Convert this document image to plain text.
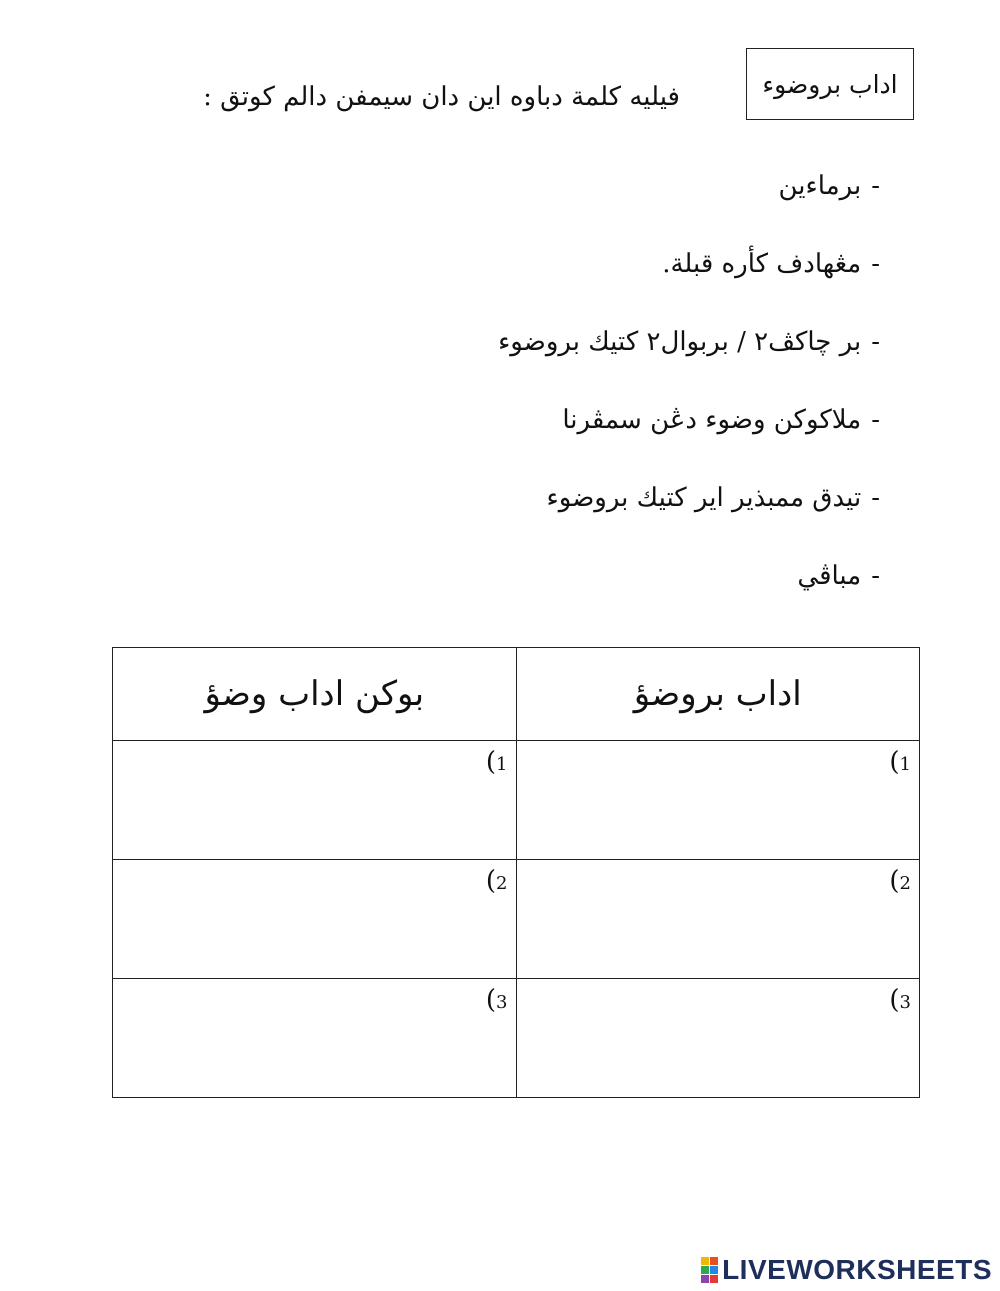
اداب بروضوء
فيليه كلمة دباوه اين دان سيمفن دالم كوتق :
-برماءين
-مڠهادف كأره قبلة.
-بر چاكڤ٢ / بربوال٢ كتيك بروضوء
-ملاكوكن وضوء دڠن سمڤرنا
-تيدق ممبذير اير كتيك بروضوء
-مباڤي
اداب بروضؤ	بوكن اداب وضؤ
1)	1)
2)	2)
3)	3)
LIVEWORKSHEETS
